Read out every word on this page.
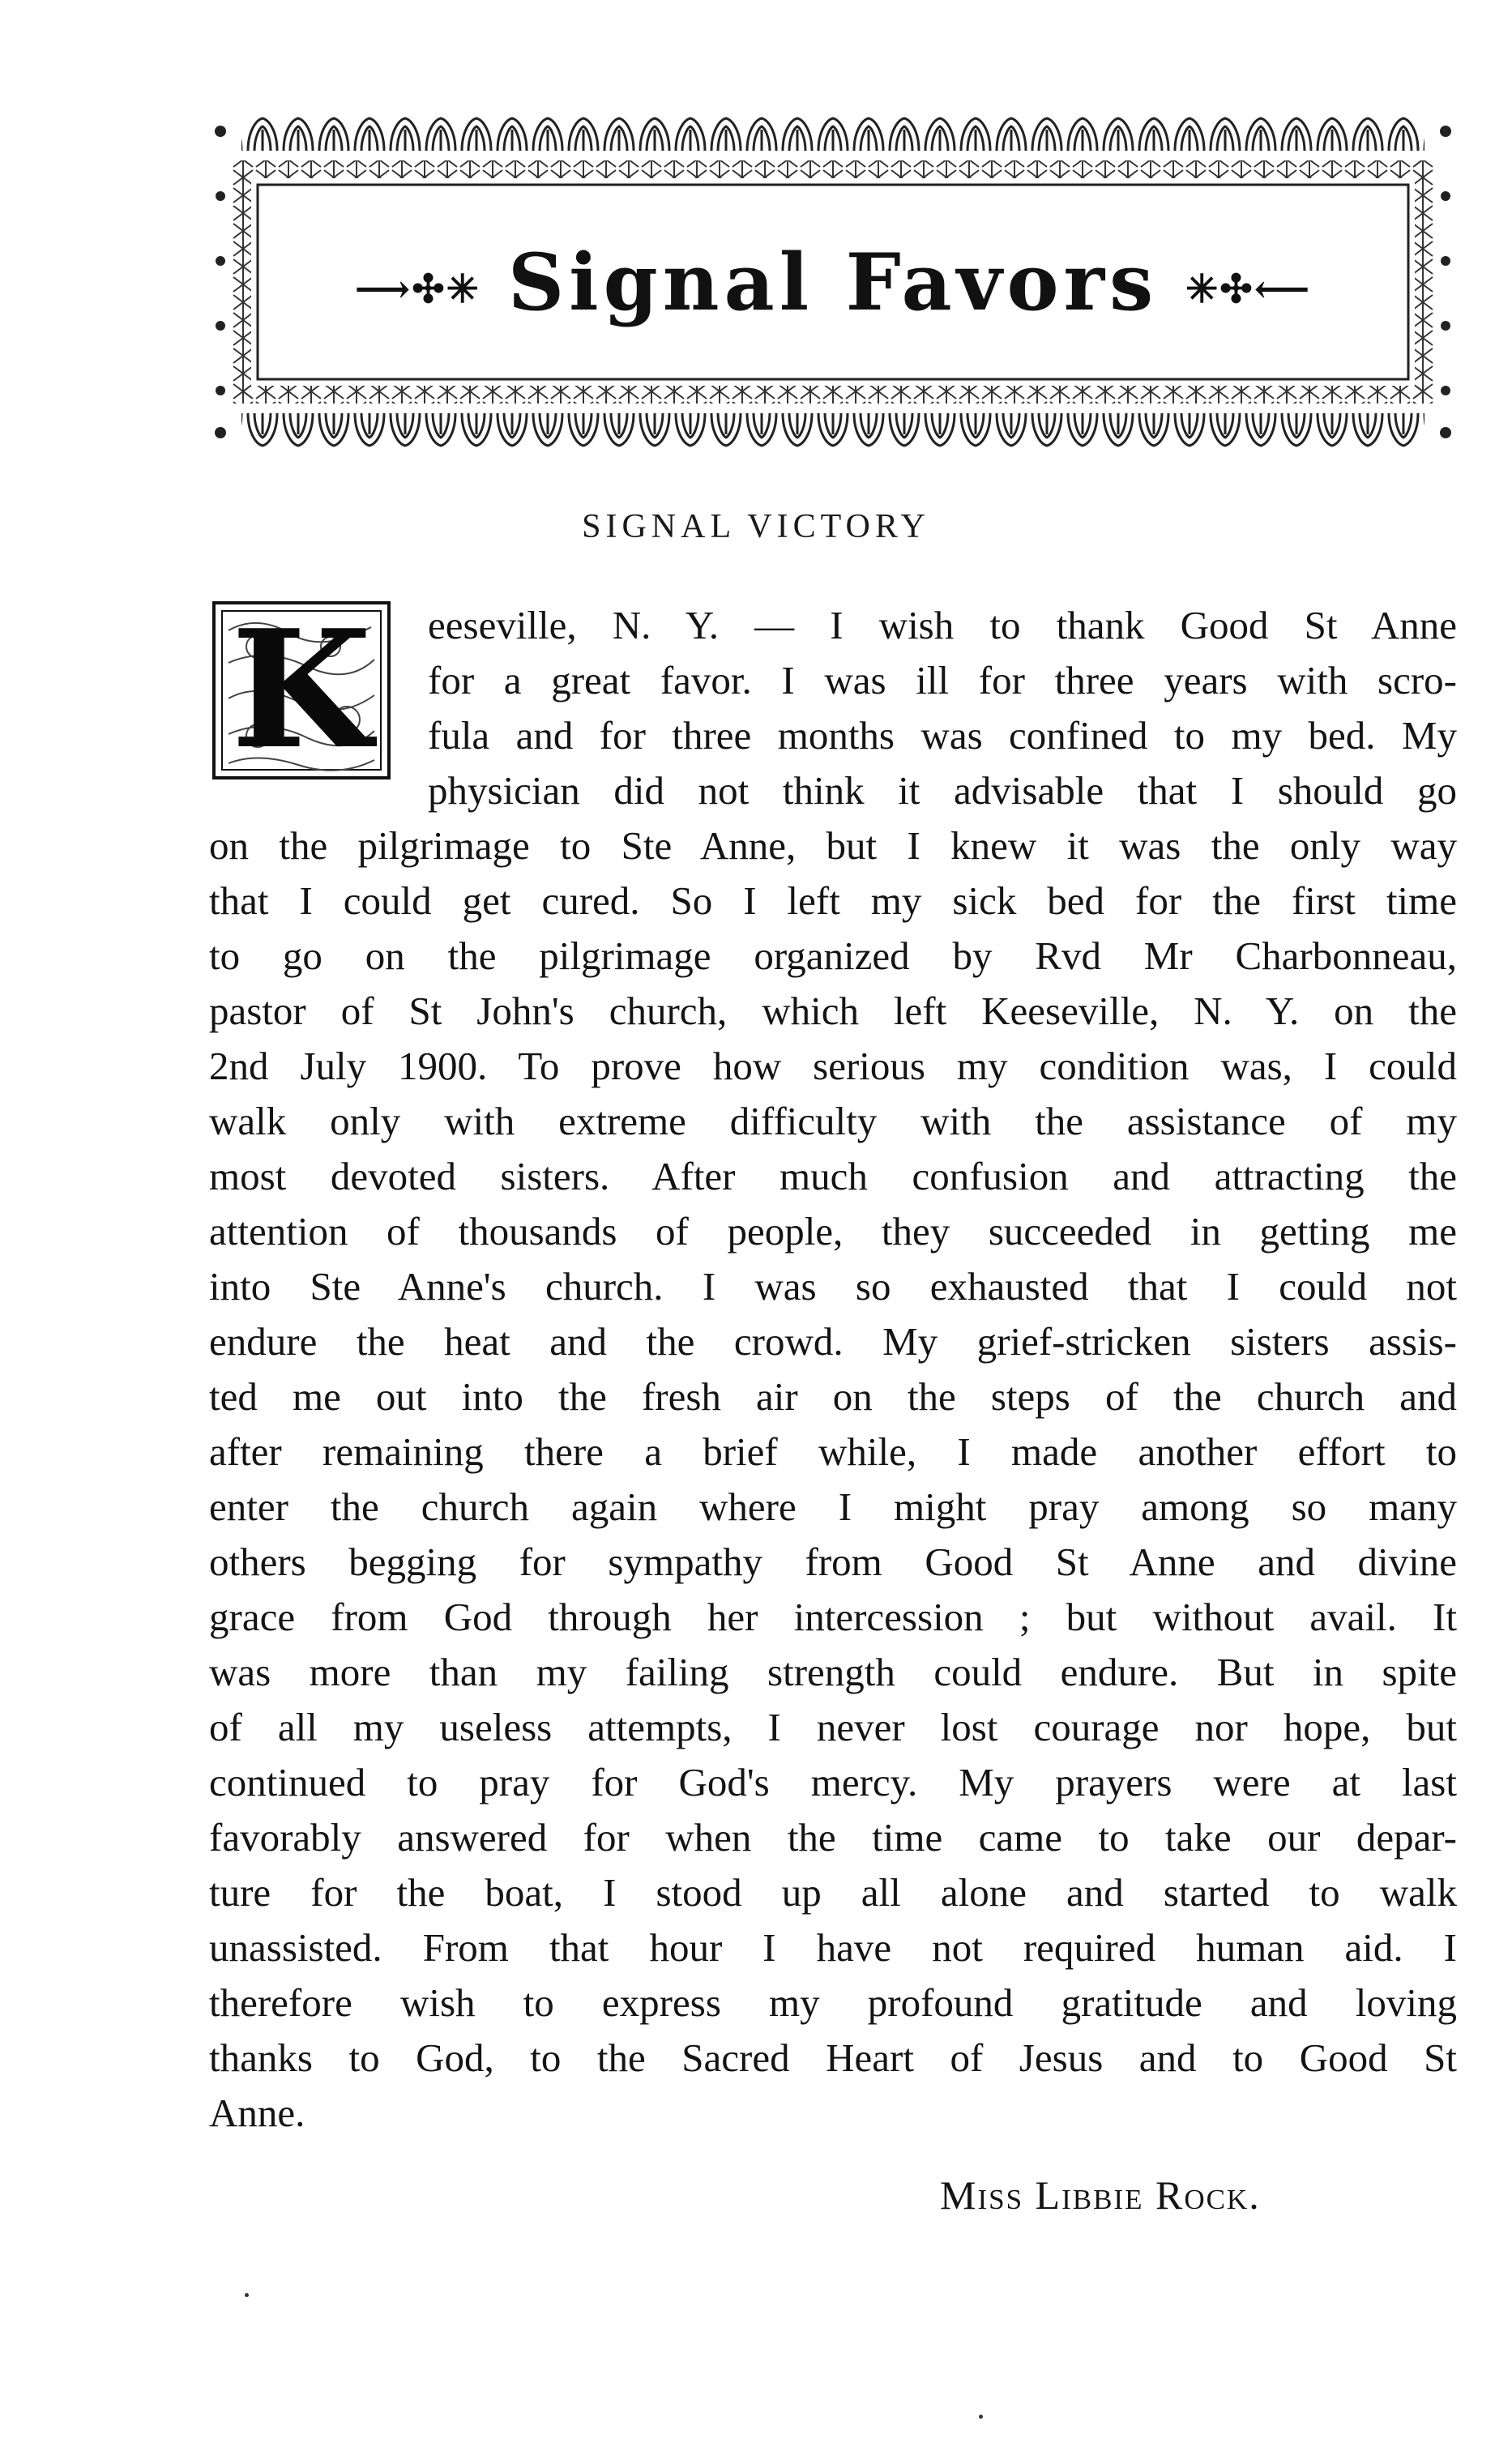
⟶✣✳ Signal Favors ✳✣⟵
SIGNAL VICTORY
K	eeseville, N. Y. — I wish to thank Good St Anne
for a great favor. I was ill for three years with scro-
fula and for three months was confined to my bed. My
physician did not think it advisable that I should go
on the pilgrimage to Ste Anne, but I knew it was the only way
that I could get cured. So I left my sick bed for the first time
to go on the pilgrimage organized by Rvd Mr Charbonneau,
pastor of St John's church, which left Keeseville, N. Y. on the
2nd July 1900. To prove how serious my condition was, I could
walk only with extreme difficulty with the assistance of my
most devoted sisters. After much confusion and attracting the
attention of thousands of people, they succeeded in getting me
into Ste Anne's church. I was so exhausted that I could not
endure the heat and the crowd. My grief-stricken sisters assis-
ted me out into the fresh air on the steps of the church and
after remaining there a brief while, I made another effort to
enter the church again where I might pray among so many
others begging for sympathy from Good St Anne and divine
grace from God through her intercession ; but without avail. It
was more than my failing strength could endure. But in spite
of all my useless attempts, I never lost courage nor hope, but
continued to pray for God's mercy. My prayers were at last
favorably answered for when the time came to take our depar-
ture for the boat, I stood up all alone and started to walk
unassisted. From that hour I have not required human aid. I
therefore wish to express my profound gratitude and loving
thanks to God, to the Sacred Heart of Jesus and to Good St
Anne.
Miss Libbie Rock.
